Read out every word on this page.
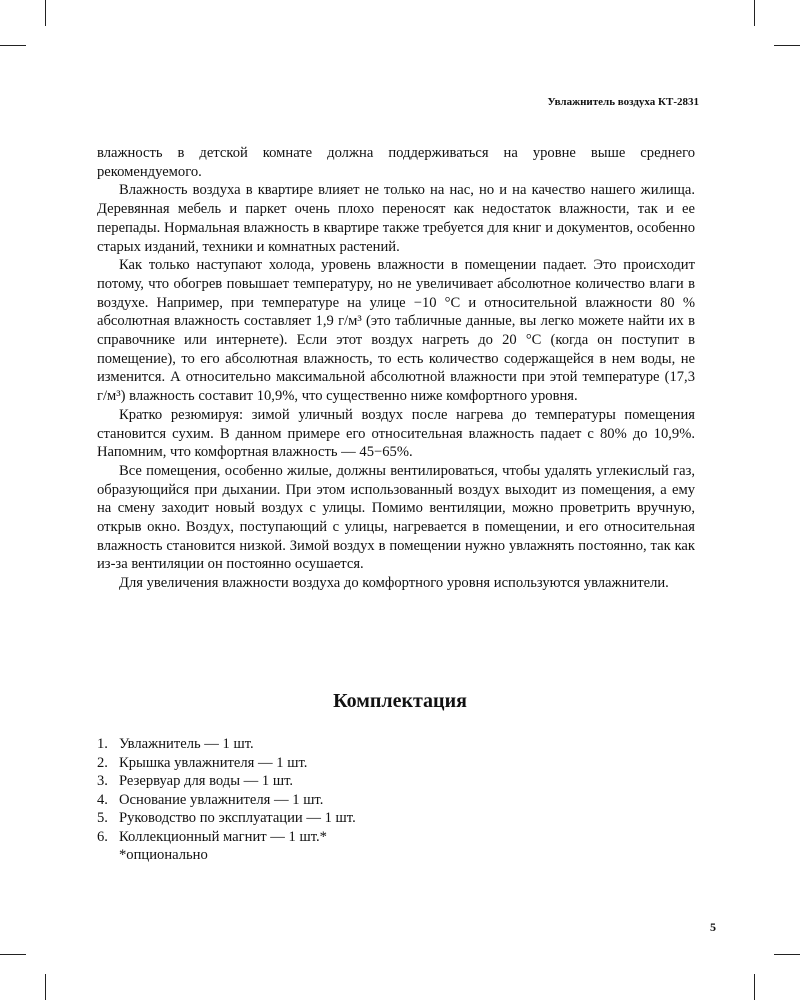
Увлажнитель воздуха КТ-2831

влажность в детской комнате должна поддерживаться на уровне выше среднего рекомендуемого.

Влажность воздуха в квартире влияет не только на нас, но и на качество нашего жилища. Деревянная мебель и паркет очень плохо переносят как недостаток влажности, так и ее перепады. Нормальная влажность в квартире также требуется для книг и документов, особенно старых изданий, техники и комнатных растений.

Как только наступают холода, уровень влажности в помещении падает. Это происходит потому, что обогрев повышает температуру, но не увеличивает абсолютное количество влаги в воздухе. Например, при температуре на улице −10 °С и относительной влажности 80 % абсолютная влажность составляет 1,9 г/м³ (это табличные данные, вы легко можете найти их в справочнике или интернете). Если этот воздух нагреть до 20 °С (когда он поступит в помещение), то его абсолютная влажность, то есть количество содержащейся в нем воды, не изменится. А относительно максимальной абсолютной влажности при этой температуре (17,3 г/м³) влажность составит 10,9%, что существенно ниже комфортного уровня.

Кратко резюмируя: зимой уличный воздух после нагрева до температуры помещения становится сухим. В данном примере его относительная влажность падает с 80% до 10,9%. Напомним, что комфортная влажность — 45−65%.

Все помещения, особенно жилые, должны вентилироваться, чтобы удалять углекислый газ, образующийся при дыхании. При этом использованный воздух выходит из помещения, а ему на смену заходит новый воздух с улицы. Помимо вентиляции, можно проветрить вручную, открыв окно. Воздух, поступающий с улицы, нагревается в помещении, и его относительная влажность становится низкой. Зимой воздух в помещении нужно увлажнять постоянно, так как из-за вентиляции он постоянно осушается.

Для увеличения влажности воздуха до комфортного уровня используются увлажнители.

Комплектация
1. Увлажнитель — 1 шт.
2. Крышка увлажнителя — 1 шт.
3. Резервуар для воды — 1 шт.
4. Основание увлажнителя — 1 шт.
5. Руководство по эксплуатации — 1 шт.
6. Коллекционный магнит — 1 шт.*
*опционально
5
